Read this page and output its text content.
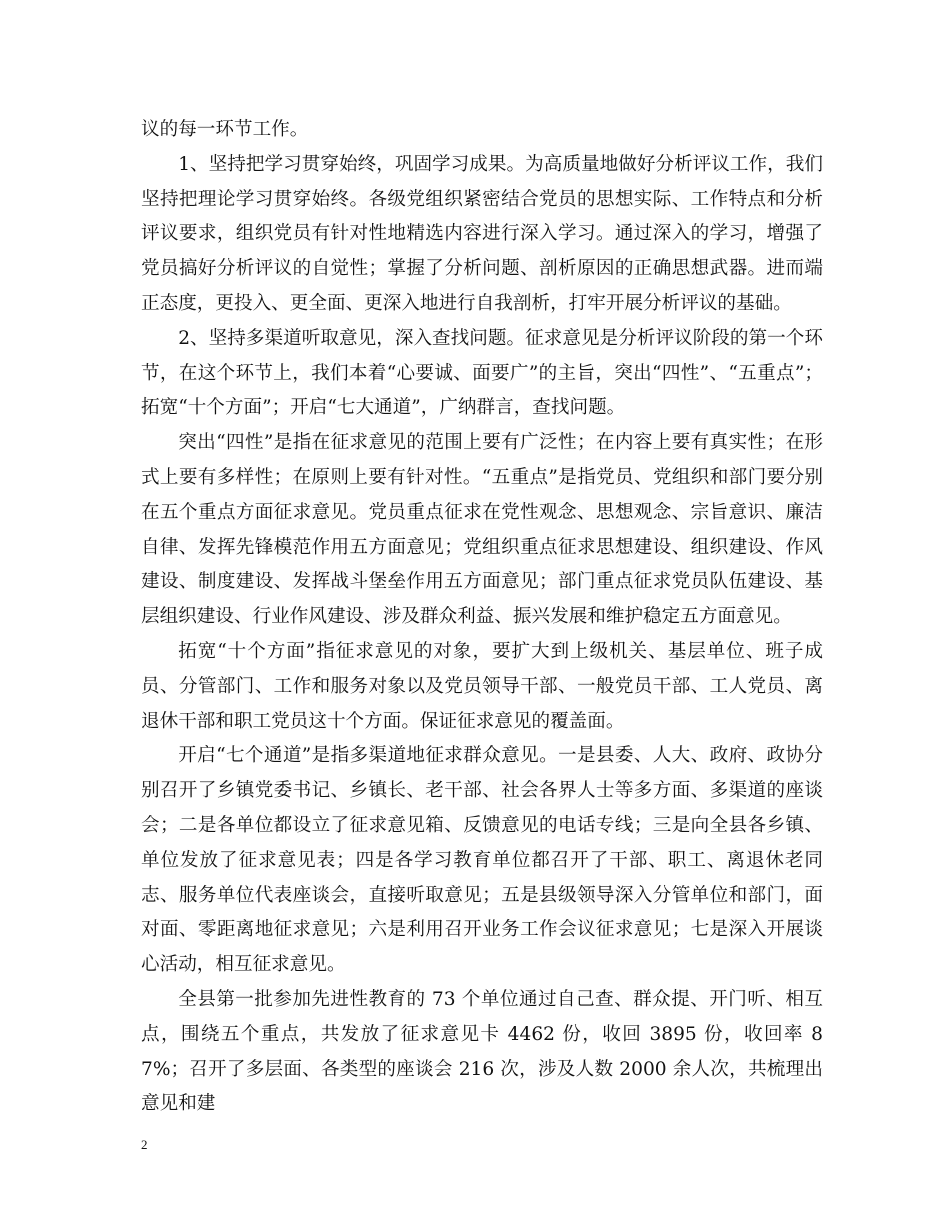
议的每一环节工作。

1、坚持把学习贯穿始终，巩固学习成果。为高质量地做好分析评议工作，我们坚持把理论学习贯穿始终。各级党组织紧密结合党员的思想实际、工作特点和分析评议要求，组织党员有针对性地精选内容进行深入学习。通过深入的学习，增强了党员搞好分析评议的自觉性；掌握了分析问题、剖析原因的正确思想武器。进而端正态度，更投入、更全面、更深入地进行自我剖析，打牢开展分析评议的基础。

2、坚持多渠道听取意见，深入查找问题。征求意见是分析评议阶段的第一个环节，在这个环节上，我们本着“心要诚、面要广”的主旨，突出“四性”、“五重点”；拓宽“十个方面”；开启“七大通道”，广纳群言，查找问题。

突出“四性”是指在征求意见的范围上要有广泛性；在内容上要有真实性；在形式上要有多样性；在原则上要有针对性。“五重点”是指党员、党组织和部门要分别在五个重点方面征求意见。党员重点征求在党性观念、思想观念、宗旨意识、廉洁自律、发挥先锋模范作用五方面意见；党组织重点征求思想建设、组织建设、作风建设、制度建设、发挥战斗堡垒作用五方面意见；部门重点征求党员队伍建设、基层组织建设、行业作风建设、涉及群众利益、振兴发展和维护稳定五方面意见。

拓宽“十个方面”指征求意见的对象，要扩大到上级机关、基层单位、班子成员、分管部门、工作和服务对象以及党员领导干部、一般党员干部、工人党员、离退休干部和职工党员这十个方面。保证征求意见的覆盖面。

开启“七个通道”是指多渠道地征求群众意见。一是县委、人大、政府、政协分别召开了乡镇党委书记、乡镇长、老干部、社会各界人士等多方面、多渠道的座谈会；二是各单位都设立了征求意见箱、反馈意见的电话专线；三是向全县各乡镇、单位发放了征求意见表；四是各学习教育单位都召开了干部、职工、离退休老同志、服务单位代表座谈会，直接听取意见；五是县级领导深入分管单位和部门，面对面、零距离地征求意见；六是利用召开业务工作会议征求意见；七是深入开展谈心活动，相互征求意见。

全县第一批参加先进性教育的 73 个单位通过自己查、群众提、开门听、相互点，围绕五个重点，共发放了征求意见卡 4462 份，收回 3895 份，收回率 87%；召开了多层面、各类型的座谈会 216 次，涉及人数 2000 余人次，共梳理出意见和建

2
